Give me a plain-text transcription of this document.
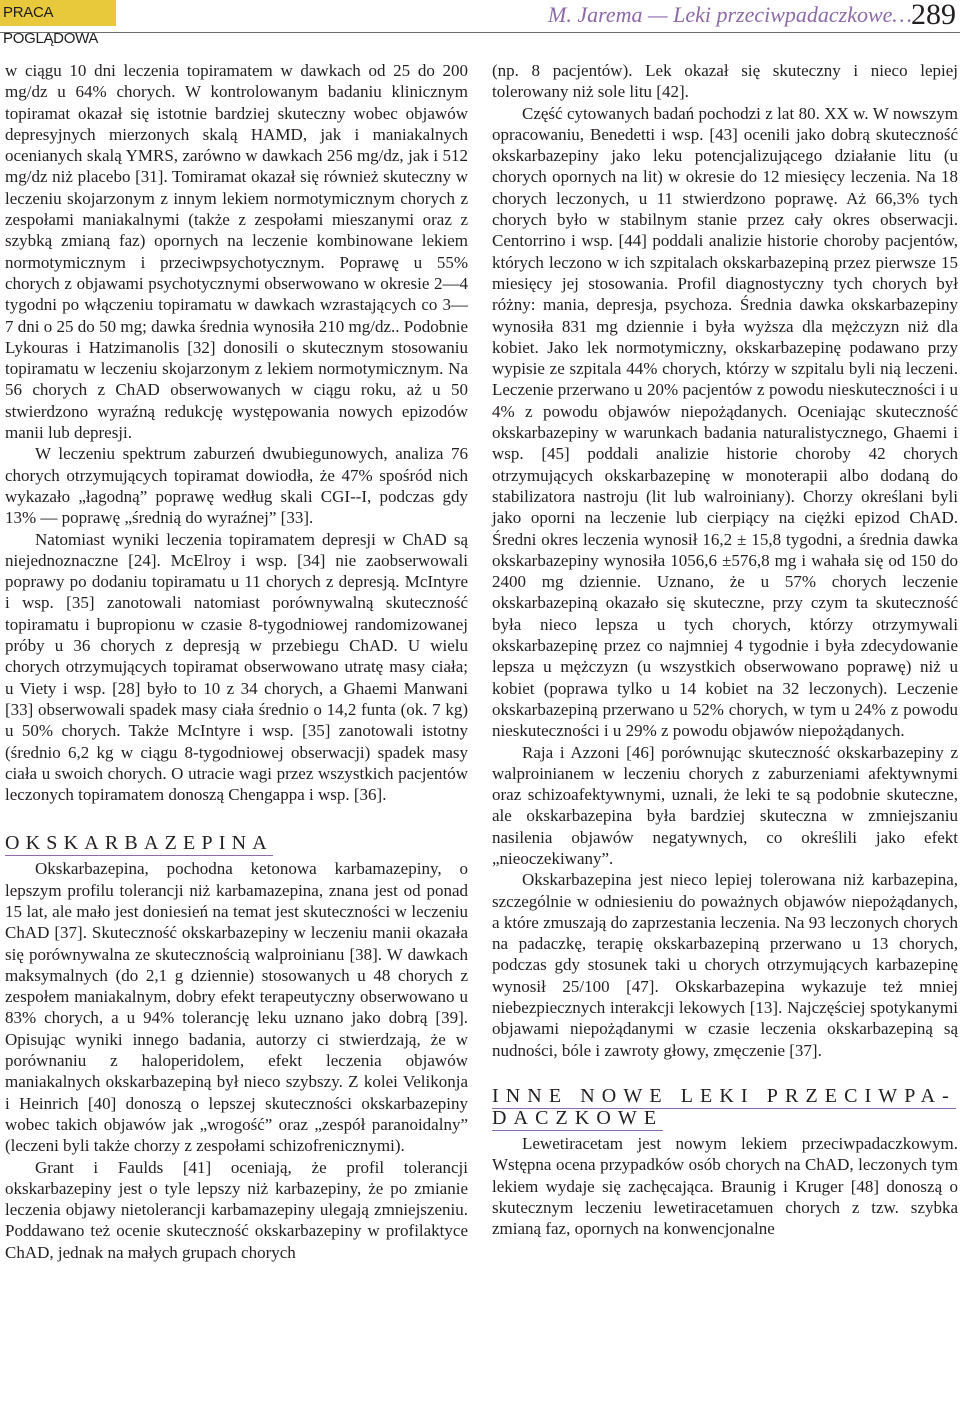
PRACA POGLĄDOWA
M. Jarema — Leki przeciwpadaczkowe… 289

w ciągu 10 dni leczenia topiramatem w dawkach od 25 do 200 mg/dz u 64% chorych. W kontrolowanym badaniu klinicznym topiramat okazał się istotnie bardziej skuteczny wobec objawów depresyjnych mierzonych skalą HAMD, jak i maniakalnych ocenianych skalą YMRS, zarówno w dawkach 256 mg/dz, jak i 512 mg/dz niż placebo [31]. Tomiramat okazał się również skuteczny w leczeniu skojarzonym z innym lekiem normotymicznym chorych z zespołami maniakalnymi (także z zespołami mieszanymi oraz z szybką zmianą faz) opornych na leczenie kombinowane lekiem normotymicznym i przeciwpsychotycznym. Poprawę u 55% chorych z objawami psychotycznymi obserwowano w okresie 2—4 tygodni po włączeniu topiramatu w dawkach wzrastających co 3—7 dni o 25 do 50 mg; dawka średnia wynosiła 210 mg/dz.. Podobnie Lykouras i Hatzimanolis [32] donosili o skutecznym stosowaniu topiramatu w leczeniu skojarzonym z lekiem normotymicznym. Na 56 chorych z ChAD obserwowanych w ciągu roku, aż u 50 stwierdzono wyraźną redukcję występowania nowych epizodów manii lub depresji.

W leczeniu spektrum zaburzeń dwubiegunowych, analiza 76 chorych otrzymujących topiramat dowiodła, że 47% spośród nich wykazało „łagodną” poprawę według skali CGI--I, podczas gdy 13% — poprawę „średnią do wyraźnej” [33].

Natomiast wyniki leczenia topiramatem depresji w ChAD są niejednoznaczne [24]. McElroy i wsp. [34] nie zaobserwowali poprawy po dodaniu topiramatu u 11 chorych z depresją. McIntyre i wsp. [35] zanotowali natomiast porównywalną skuteczność topiramatu i bupropionu w czasie 8-tygodniowej randomizowanej próby u 36 chorych z depresją w przebiegu ChAD. U wielu chorych otrzymujących topiramat obserwowano utratę masy ciała; u Viety i wsp. [28] było to 10 z 34 chorych, a Ghaemi Manwani [33] obserwowali spadek masy ciała średnio o 14,2 funta (ok. 7 kg) u 50% chorych. Także McIntyre i wsp. [35] zanotowali istotny (średnio 6,2 kg w ciągu 8-tygodniowej obserwacji) spadek masy ciała u swoich chorych. O utracie wagi przez wszystkich pacjentów leczonych topiramatem donoszą Chengappa i wsp. [36].

OKSKARBAZEPINA

Okskarbazepina, pochodna ketonowa karbamazepiny, o lepszym profilu tolerancji niż karbamazepina, znana jest od ponad 15 lat, ale mało jest doniesień na temat jest skuteczności w leczeniu ChAD [37]. Skuteczność okskarbazepiny w leczeniu manii okazała się porównywalna ze skutecznością walproinianu [38]. W dawkach maksymalnych (do 2,1 g dziennie) stosowanych u 48 chorych z zespołem maniakalnym, dobry efekt terapeutyczny obserwowano u 83% chorych, a u 94% tolerancję leku uznano jako dobrą [39]. Opisując wyniki innego badania, autorzy ci stwierdzają, że w porównaniu z haloperidolem, efekt leczenia objawów maniakalnych okskarbazepiną był nieco szybszy. Z kolei Velikonja i Heinrich [40] donoszą o lepszej skuteczności okskarbazepiny wobec takich objawów jak „wrogość” oraz „zespół paranoidalny” (leczeni byli także chorzy z zespołami schizofrenicznymi).

Grant i Faulds [41] oceniają, że profil tolerancji okskarbazepiny jest o tyle lepszy niż karbazepiny, że po zmianie leczenia objawy nietolerancji karbamazepiny ulegają zmniejszeniu. Poddawano też ocenie skuteczność okskarbazepiny w profilaktyce ChAD, jednak na małych grupach chorych

(np. 8 pacjentów). Lek okazał się skuteczny i nieco lepiej tolerowany niż sole litu [42].

Część cytowanych badań pochodzi z lat 80. XX w. W nowszym opracowaniu, Benedetti i wsp. [43] ocenili jako dobrą skuteczność okskarbazepiny jako leku potencjalizującego działanie litu (u chorych opornych na lit) w okresie do 12 miesięcy leczenia. Na 18 chorych leczonych, u 11 stwierdzono poprawę. Aż 66,3% tych chorych było w stabilnym stanie przez cały okres obserwacji. Centorrino i wsp. [44] poddali analizie historie choroby pacjentów, których leczono w ich szpitalach okskarbazepiną przez pierwsze 15 miesięcy jej stosowania. Profil diagnostyczny tych chorych był różny: mania, depresja, psychoza. Średnia dawka okskarbazepiny wynosiła 831 mg dziennie i była wyższa dla mężczyzn niż dla kobiet. Jako lek normotymiczny, okskarbazepinę podawano przy wypisie ze szpitala 44% chorych, którzy w szpitalu byli nią leczeni. Leczenie przerwano u 20% pacjentów z powodu nieskuteczności i u 4% z powodu objawów niepożądanych. Oceniając skuteczność okskarbazepiny w warunkach badania naturalistycznego, Ghaemi i wsp. [45] poddali analizie historie choroby 42 chorych otrzymujących okskarbazepinę w monoterapii albo dodaną do stabilizatora nastroju (lit lub walroiniany). Chorzy określani byli jako oporni na leczenie lub cierpiący na ciężki epizod ChAD. Średni okres leczenia wynosił 16,2 ± 15,8 tygodni, a średnia dawka okskarbazepiny wynosiła 1056,6 ±576,8 mg i wahała się od 150 do 2400 mg dziennie. Uznano, że u 57% chorych leczenie okskarbazepiną okazało się skuteczne, przy czym ta skuteczność była nieco lepsza u tych chorych, którzy otrzymywali okskarbazepinę przez co najmniej 4 tygodnie i była zdecydowanie lepsza u mężczyzn (u wszystkich obserwowano poprawę) niż u kobiet (poprawa tylko u 14 kobiet na 32 leczonych). Leczenie okskarbazepiną przerwano u 52% chorych, w tym u 24% z powodu nieskuteczności i u 29% z powodu objawów niepożądanych.

Raja i Azzoni [46] porównując skuteczność okskarbazepiny z walproinianem w leczeniu chorych z zaburzeniami afektywnymi oraz schizoafektywnymi, uznali, że leki te są podobnie skuteczne, ale okskarbazepina była bardziej skuteczna w zmniejszaniu nasilenia objawów negatywnych, co określili jako efekt „nieoczekiwany”.

Okskarbazepina jest nieco lepiej tolerowana niż karbazepina, szczególnie w odniesieniu do poważnych objawów niepożądanych, a które zmuszają do zaprzestania leczenia. Na 93 leczonych chorych na padaczkę, terapię okskarbazepiną przerwano u 13 chorych, podczas gdy stosunek taki u chorych otrzymujących karbazepinę wynosił 25/100 [47]. Okskarbazepina wykazuje też mniej niebezpiecznych interakcji lekowych [13]. Najczęściej spotykanymi objawami niepożądanymi w czasie leczenia okskarbazepiną są nudności, bóle i zawroty głowy, zmęczenie [37].

INNE NOWE LEKI PRZECIWPA-DACZKOWE

Lewetiracetam jest nowym lekiem przeciwpadaczkowym. Wstępna ocena przypadków osób chorych na ChAD, leczonych tym lekiem wydaje się zachęcająca. Braunig i Kruger [48] donoszą o skutecznym leczeniu lewetiracetamuen chorych z tzw. szybka zmianą faz, opornych na konwencjonalne
